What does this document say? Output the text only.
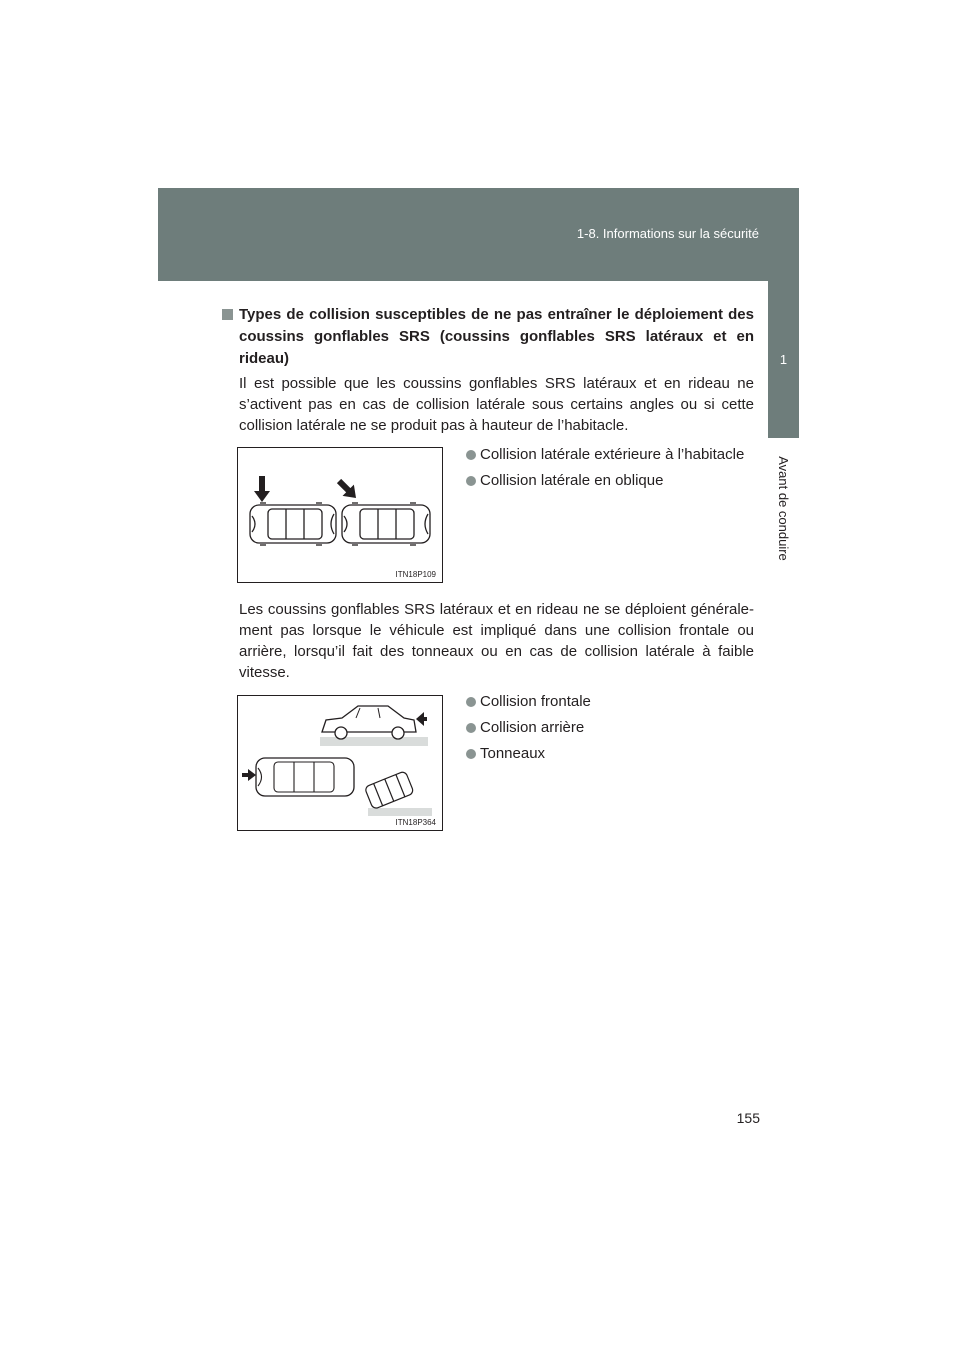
1-8. Informations sur la sécurité
1
Avant de conduire
Types de collision susceptibles de ne pas entraîner le déploiement des coussins gonflables SRS (coussins gonflables SRS latéraux et en rideau)
Il est possible que les coussins gonflables SRS latéraux et en rideau ne s’activent pas en cas de collision latérale sous certains angles ou si cette collision latérale ne se produit pas à hauteur de l’habitacle.
ITN18P109
Collision latérale extérieure à l’habitacle
Collision latérale en oblique
Les coussins gonflables SRS latéraux et en rideau ne se déploient générale-ment pas lorsque le véhicule est impliqué dans une collision frontale ou arrière, lorsqu’il fait des tonneaux ou en cas de collision latérale à faible vitesse.
ITN18P364
Collision frontale
Collision arrière
Tonneaux
155
